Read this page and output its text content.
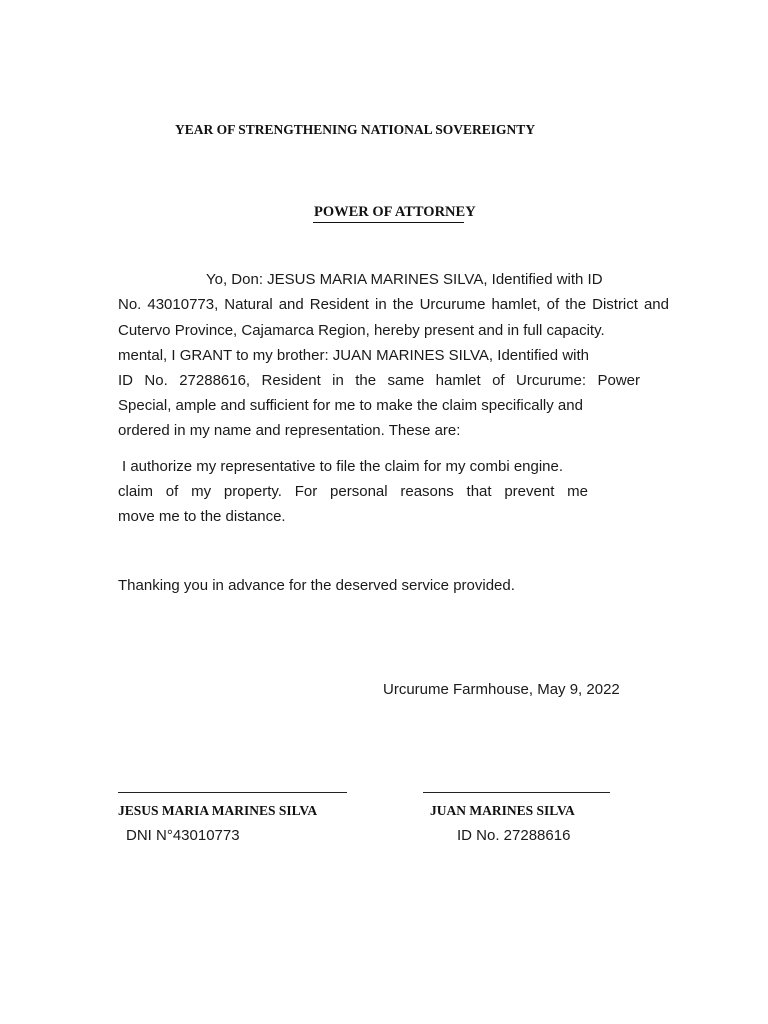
YEAR OF STRENGTHENING NATIONAL SOVEREIGNTY
POWER OF ATTORNEY
Yo, Don: JESUS MARIA MARINES SILVA, Identified with ID
No. 43010773, Natural and Resident in the Urcurume hamlet, of the District and
Cutervo Province, Cajamarca Region, hereby present and in full capacity.
mental, I GRANT to my brother: JUAN MARINES SILVA, Identified with
ID No. 27288616, Resident in the same hamlet of Urcurume: Power
Special, ample and sufficient for me to make the claim specifically and
ordered in my name and representation. These are:
I authorize my representative to file the claim for my combi engine.
claim of my property. For personal reasons that prevent me
move me to the distance.
Thanking you in advance for the deserved service provided.
Urcurume Farmhouse, May 9, 2022
JESUS MARIA MARINES SILVA	JUAN MARINES SILVA
DNI N°43010773	ID No. 27288616
